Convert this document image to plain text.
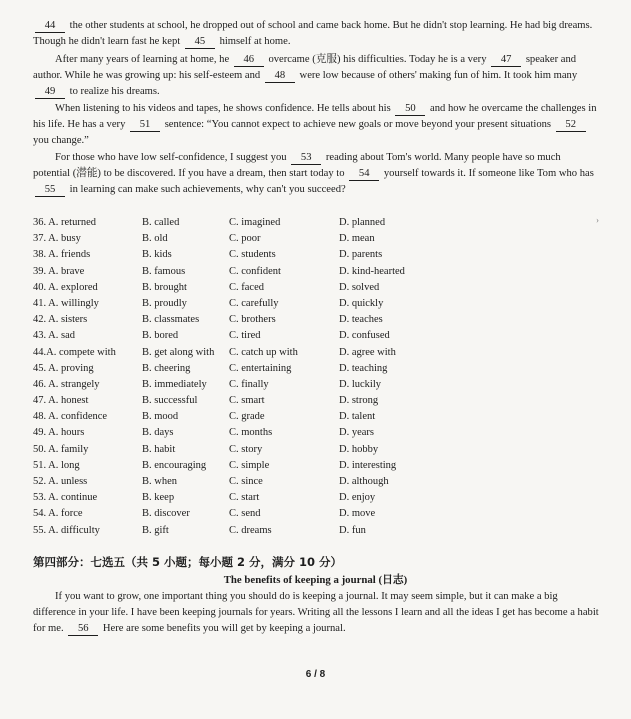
44 the other students at school, he dropped out of school and came back home. But he didn't stop learning. He had big dreams. Though he didn't learn fast he kept 45 himself at home.

After many years of learning at home, he 46 overcame (克服) his difficulties. Today he is a very 47 speaker and author. While he was growing up: his self-esteem and 48 were low because of others' making fun of him. It took him many 49 to realize his dreams.

When listening to his videos and tapes, he shows confidence. He tells about his 50 and how he overcame the challenges in his life. He has a very 51 sentence: “You cannot expect to achieve new goals or move beyond your present situations 52 you change.”

For those who have low self-confidence, I suggest you 53 reading about Tom's world. Many people have so much potential (潜能) to be discovered. If you have a dream, then start today to 54 yourself towards it. If someone like Tom who has 55 in learning can make such achievements, why can't you succeed?

›
36. A. returned	B. called	C. imagined	D. planned
37. A. busy	B. old	C. poor	D. mean
38. A. friends	B. kids	C. students	D. parents
39. A. brave	B. famous	C. confident	D. kind-hearted
40. A. explored	B. brought	C. faced	D. solved
41. A. willingly	B. proudly	C. carefully	D. quickly
42. A. sisters	B. classmates	C. brothers	D. teaches
43. A. sad	B. bored	C. tired	D. confused
44.A. compete with B. get along with C. catch up with	D. agree with
45. A. proving	B. cheering	C. entertaining	D. teaching
46. A. strangely	B. immediately C. finally	D. luckily
47. A. honest	B. successful	C. smart	D. strong
48. A. confidence	B. mood	C. grade	D. talent
49. A. hours	B. days	C. months	D. years
50. A. family	B. habit	C. story	D. hobby
51. A. long	B. encouraging C. simple	D. interesting
52. A. unless	B. when	C. since	D. although
53. A. continue	B. keep	C. start	D. enjoy
54. A. force	B. discover	C. send	D. move
55. A. difficulty	B. gift	C. dreams	D. fun
第四部分：七选五（共 5 小题；每小题 2 分，满分 10 分）
The benefits of keeping a journal (日志)

If you want to grow, one important thing you should do is keeping a journal. It may seem simple, but it can make a big difference in your life. I have been keeping journals for years. Writing all the lessons I learn and all the ideas I get has become a habit for me. 56 Here are some benefits you will get by keeping a journal.

6 / 8
